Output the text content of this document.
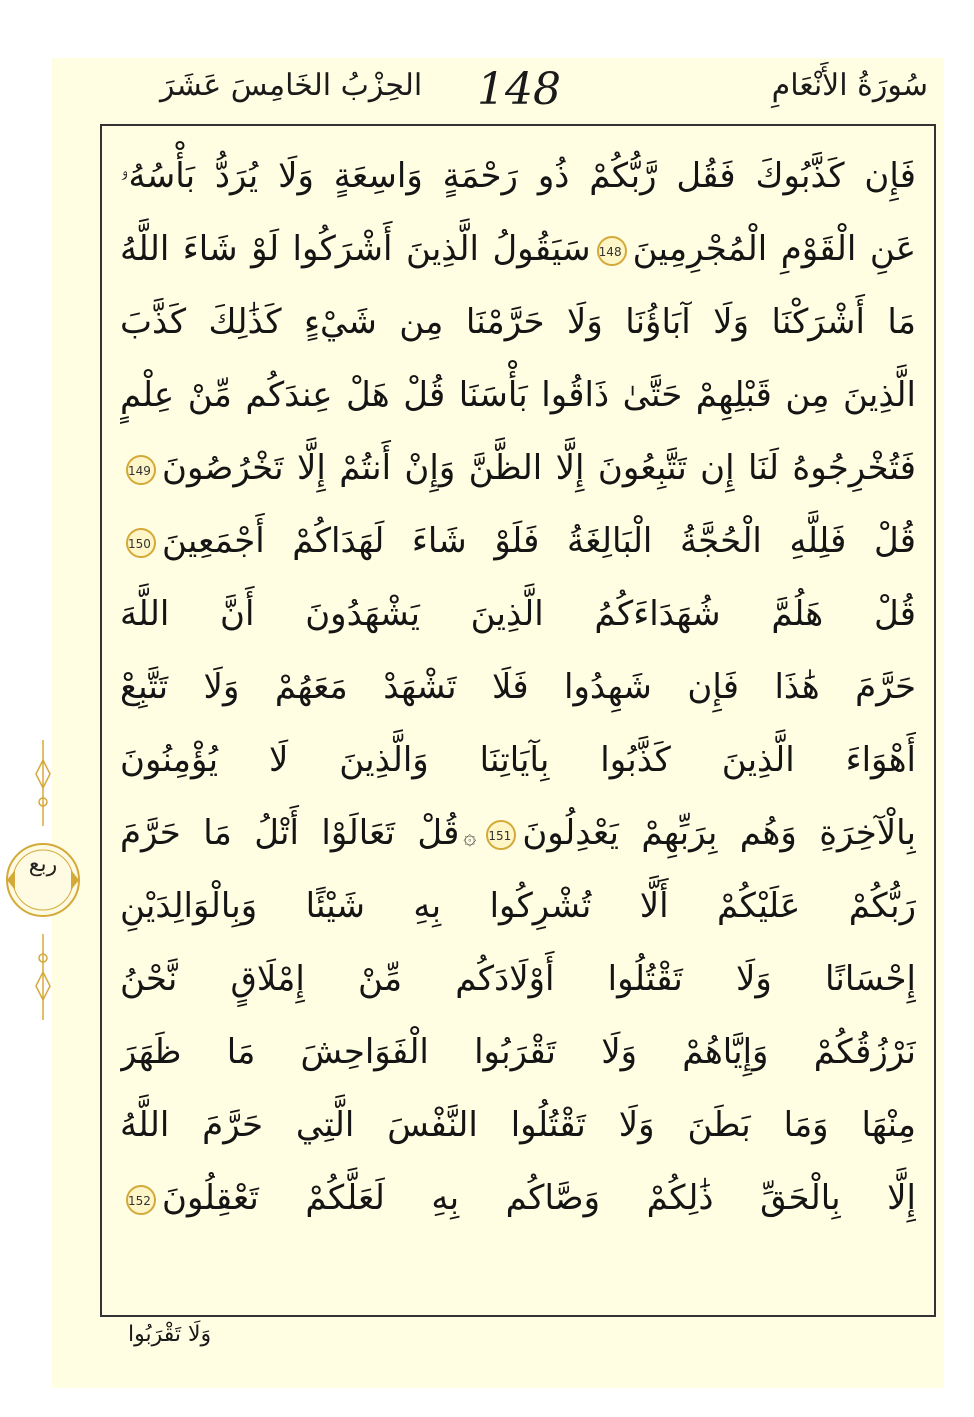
سُورَةُ الأَنْعَامِ
148
الحِزْبُ الخَامِسَ عَشَرَ
فَإِن كَذَّبُوكَ فَقُل رَّبُّكُمْ ذُو رَحْمَةٍ وَاسِعَةٍ وَلَا يُرَدُّ بَأْسُهُۥ
عَنِ الْقَوْمِ الْمُجْرِمِينَ148سَيَقُولُ الَّذِينَ أَشْرَكُوا لَوْ شَاءَ اللَّهُ
مَا أَشْرَكْنَا وَلَا آبَاؤُنَا وَلَا حَرَّمْنَا مِن شَيْءٍ كَذَٰلِكَ كَذَّبَ
الَّذِينَ مِن قَبْلِهِمْ حَتَّىٰ ذَاقُوا بَأْسَنَا قُلْ هَلْ عِندَكُم مِّنْ عِلْمٍ
فَتُخْرِجُوهُ لَنَا إِن تَتَّبِعُونَ إِلَّا الظَّنَّ وَإِنْ أَنتُمْ إِلَّا تَخْرُصُونَ149
قُلْ فَلِلَّهِ الْحُجَّةُ الْبَالِغَةُ فَلَوْ شَاءَ لَهَدَاكُمْ أَجْمَعِينَ150
قُلْ هَلُمَّ شُهَدَاءَكُمُ الَّذِينَ يَشْهَدُونَ أَنَّ اللَّهَ
حَرَّمَ هَٰذَا فَإِن شَهِدُوا فَلَا تَشْهَدْ مَعَهُمْ وَلَا تَتَّبِعْ
أَهْوَاءَ الَّذِينَ كَذَّبُوا بِآيَاتِنَا وَالَّذِينَ لَا يُؤْمِنُونَ
بِالْآخِرَةِ وَهُم بِرَبِّهِمْ يَعْدِلُونَ151۞قُلْ تَعَالَوْا أَتْلُ مَا حَرَّمَ
رَبُّكُمْ عَلَيْكُمْ أَلَّا تُشْرِكُوا بِهِ شَيْئًا وَبِالْوَالِدَيْنِ
إِحْسَانًا وَلَا تَقْتُلُوا أَوْلَادَكُم مِّنْ إِمْلَاقٍ نَّحْنُ
نَرْزُقُكُمْ وَإِيَّاهُمْ وَلَا تَقْرَبُوا الْفَوَاحِشَ مَا ظَهَرَ
مِنْهَا وَمَا بَطَنَ وَلَا تَقْتُلُوا النَّفْسَ الَّتِي حَرَّمَ اللَّهُ
إِلَّا بِالْحَقِّ ذَٰلِكُمْ وَصَّاكُم بِهِ لَعَلَّكُمْ تَعْقِلُونَ152
ربع
وَلَا تَقْرَبُوا
